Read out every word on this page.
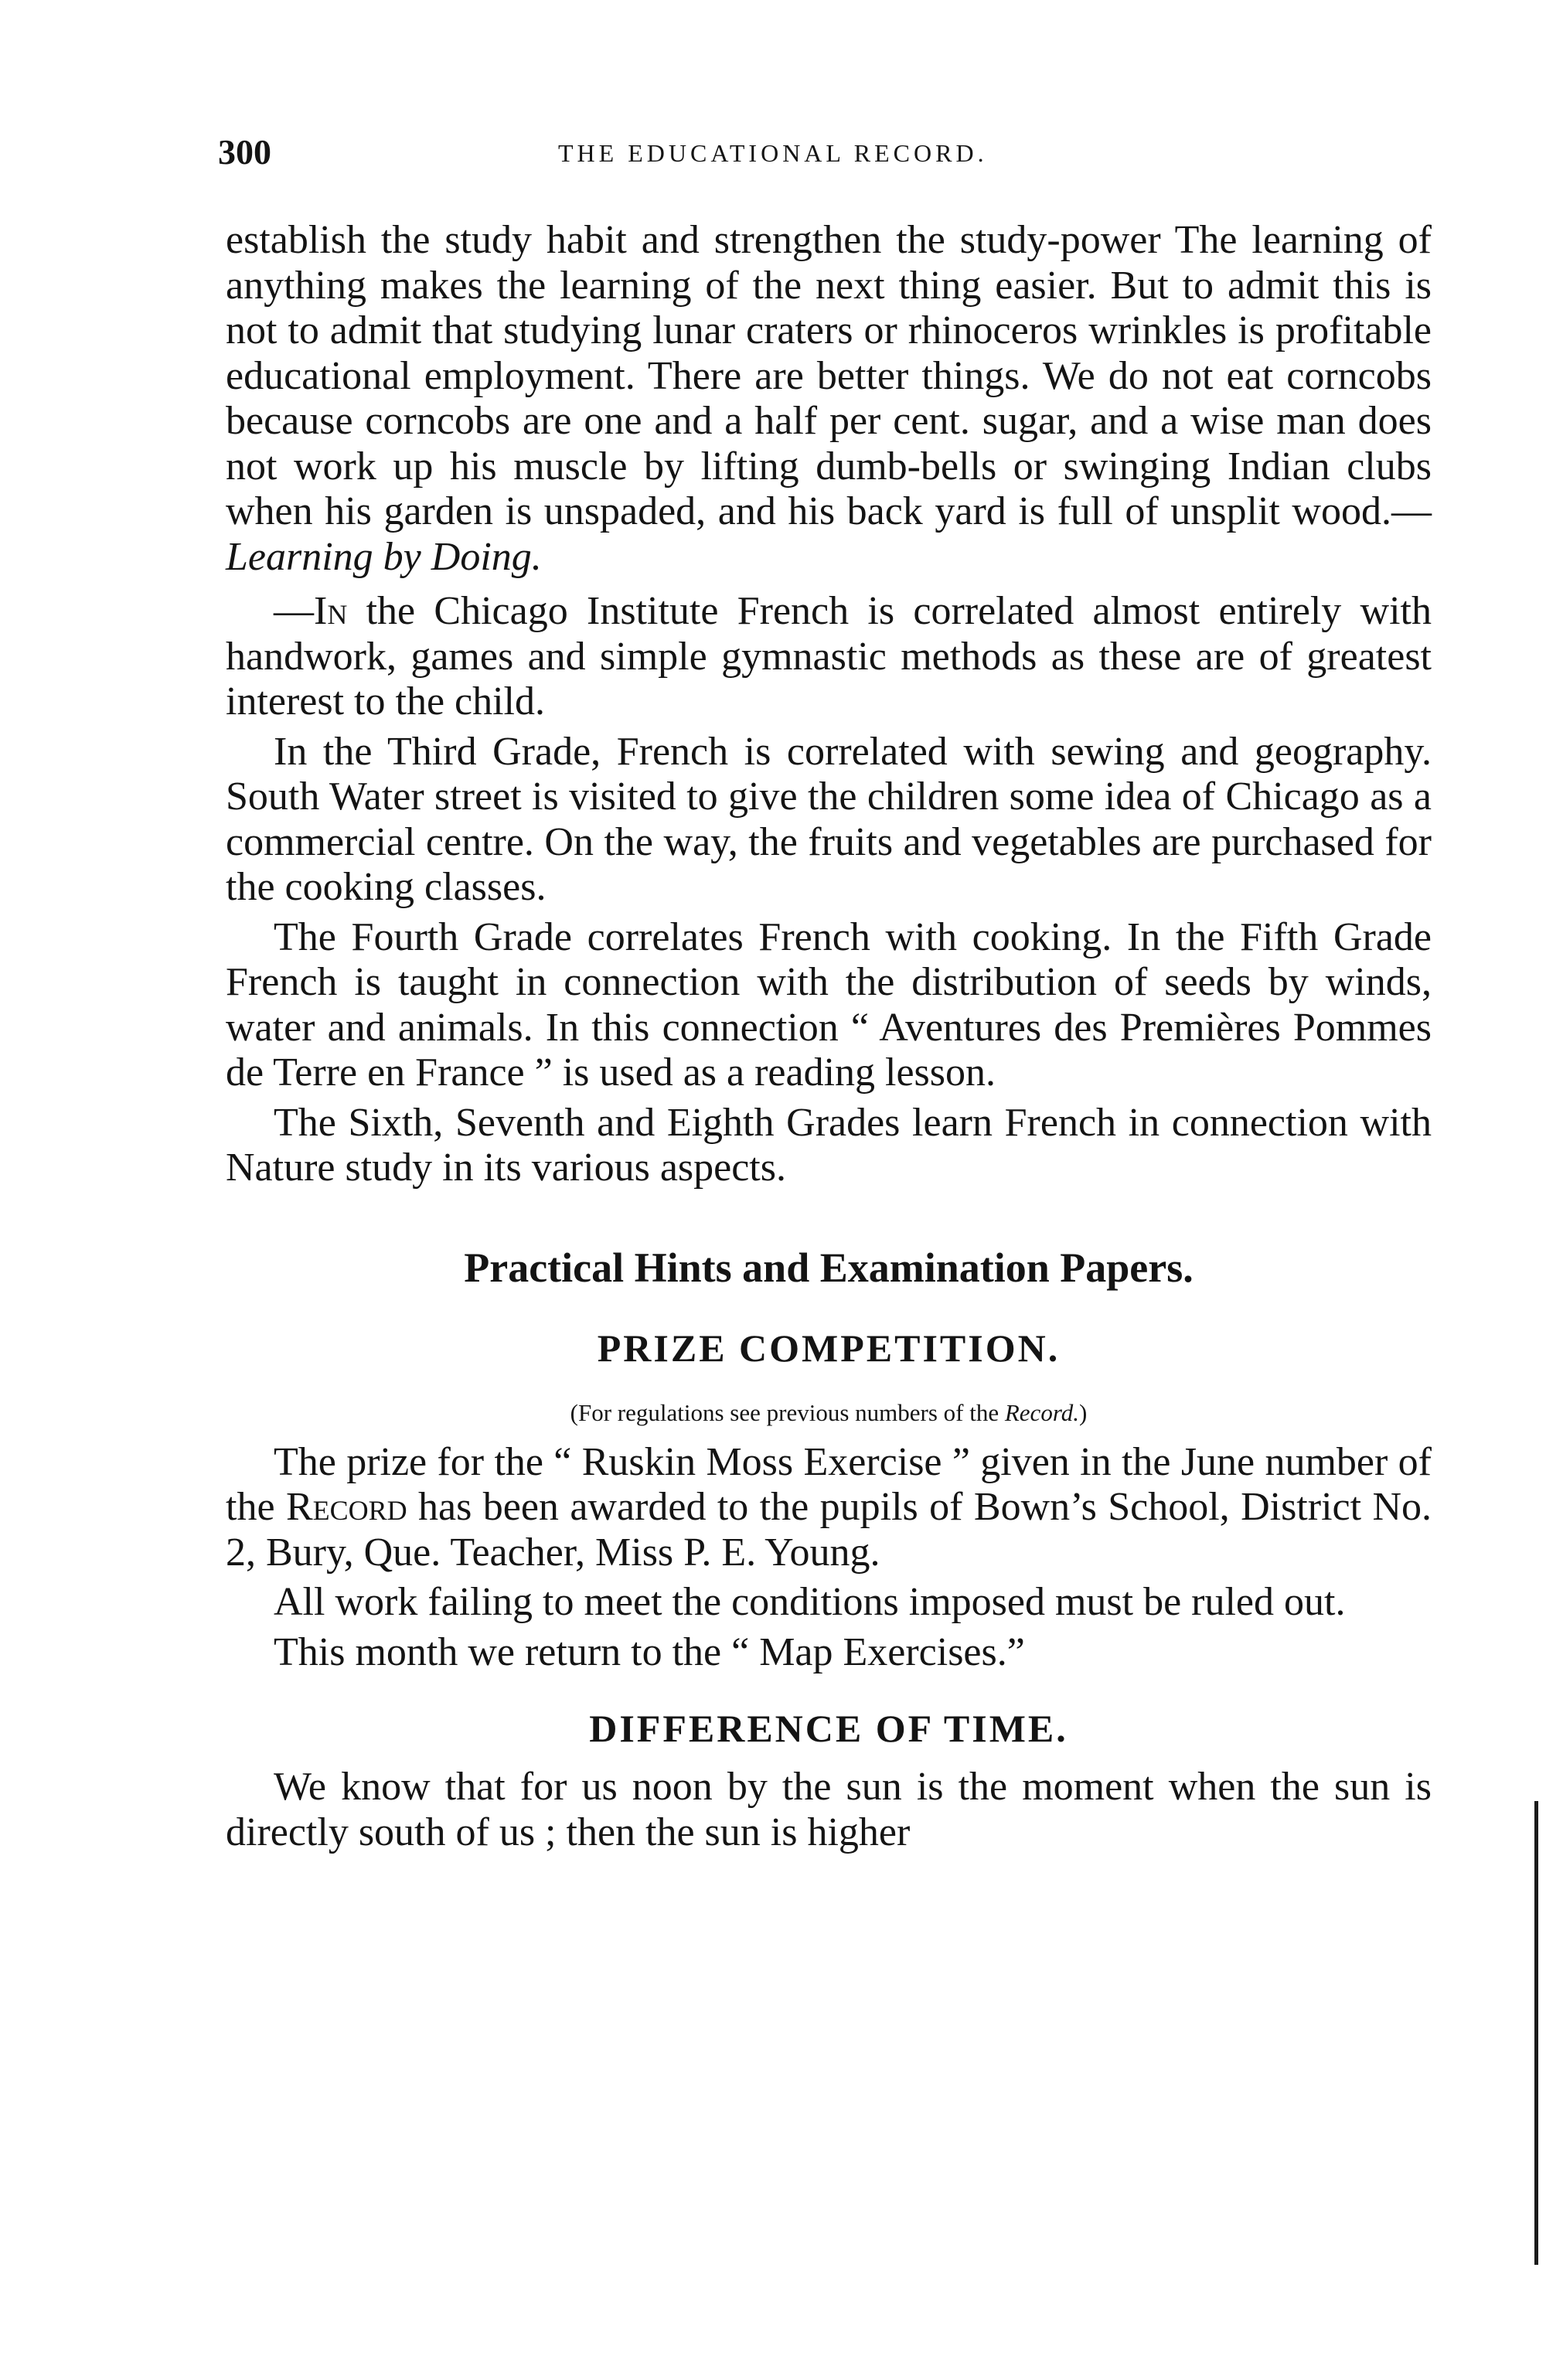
300	THE EDUCATIONAL RECORD.

establish the study habit and strengthen the study-power The learning of anything makes the learning of the next thing easier. But to admit this is not to admit that studying lunar craters or rhinoceros wrinkles is profitable educational employment. There are better things. We do not eat corncobs because corncobs are one and a half per cent. sugar, and a wise man does not work up his muscle by lifting dumb-bells or swinging Indian clubs when his garden is unspaded, and his back yard is full of unsplit wood.—Learning by Doing.

—In the Chicago Institute French is correlated almost entirely with handwork, games and simple gymnastic methods as these are of greatest interest to the child.

In the Third Grade, French is correlated with sewing and geography. South Water street is visited to give the children some idea of Chicago as a commercial centre. On the way, the fruits and vegetables are purchased for the cooking classes.

The Fourth Grade correlates French with cooking. In the Fifth Grade French is taught in connection with the distribution of seeds by winds, water and animals. In this connection “ Aventures des Premières Pommes de Terre en France ” is used as a reading lesson.

The Sixth, Seventh and Eighth Grades learn French in connection with Nature study in its various aspects.

Practical Hints and Examination Papers.
PRIZE COMPETITION.

(For regulations see previous numbers of the Record.)

The prize for the “ Ruskin Moss Exercise ” given in the June number of the Record has been awarded to the pupils of Bown’s School, District No. 2, Bury, Que. Teacher, Miss P. E. Young.

All work failing to meet the conditions imposed must be ruled out.

This month we return to the “ Map Exercises.”

DIFFERENCE OF TIME.

We know that for us noon by the sun is the moment when the sun is directly south of us ; then the sun is higher
